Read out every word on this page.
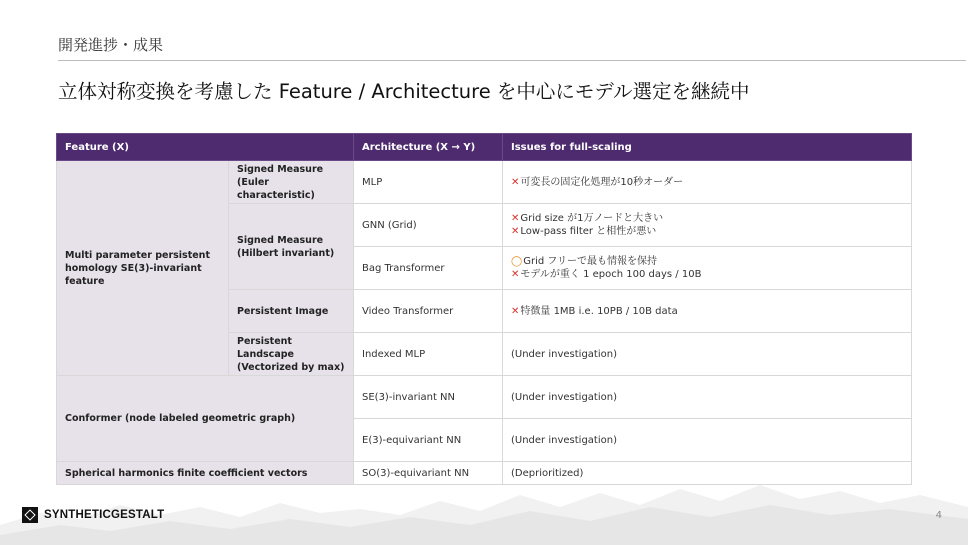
開発進捗・成果
立体対称変換を考慮した Feature / Architecture を中心にモデル選定を継続中
Feature (X)		Architecture (X → Y)	Issues for full-scaling
Multi parameter persistent homology SE(3)-invariant feature	Signed Measure (Euler characteristic)	MLP	✕可変長の固定化処理が10秒オーダー

	Signed Measure (Hilbert invariant)	GNN (Grid)	✕Grid size が1万ノードと大きい
✕Low-pass filter と相性が悪い

		Bag Transformer	◯Grid フリーで最も情報を保持
✕モデルが重く 1 epoch 100 days / 10B

	Persistent Image	Video Transformer	✕特徴量 1MB i.e. 10PB / 10B data

	Persistent Landscape (Vectorized by max)	Indexed MLP	(Under investigation)

Conformer (node labeled geometric graph)		SE(3)-invariant NN	(Under investigation)

		E(3)-equivariant NN	(Under investigation)

Spherical harmonics finite coefficient vectors		SO(3)-equivariant NN	(Deprioritized)
SYNTHETICGESTALT	4
